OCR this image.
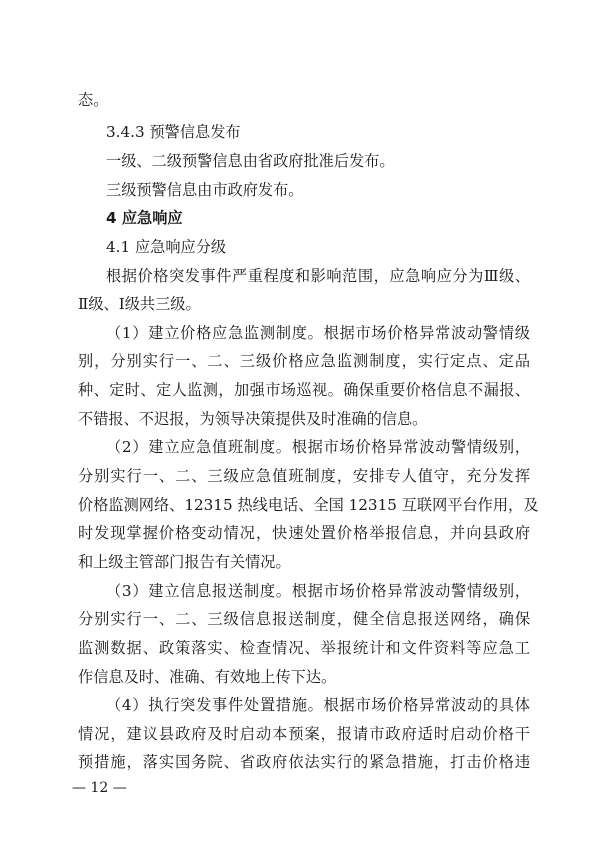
态。
3.4.3 预警信息发布
一级、二级预警信息由省政府批准后发布。
三级预警信息由市政府发布。
4 应急响应
4.1 应急响应分级
根据价格突发事件严重程度和影响范围，应急响应分为Ⅲ级、
Ⅱ级、Ⅰ级共三级。
（1）建立价格应急监测制度。根据市场价格异常波动警情级
别，分别实行一、二、三级价格应急监测制度，实行定点、定品
种、定时、定人监测，加强市场巡视。确保重要价格信息不漏报、
不错报、不迟报，为领导决策提供及时准确的信息。
（2）建立应急值班制度。根据市场价格异常波动警情级别，
分别实行一、二、三级应急值班制度，安排专人值守，充分发挥
价格监测网络、12315 热线电话、全国 12315 互联网平台作用，及
时发现掌握价格变动情况，快速处置价格举报信息，并向县政府
和上级主管部门报告有关情况。
（3）建立信息报送制度。根据市场价格异常波动警情级别，
分别实行一、二、三级信息报送制度，健全信息报送网络，确保
监测数据、政策落实、检查情况、举报统计和文件资料等应急工
作信息及时、准确、有效地上传下达。
（4）执行突发事件处置措施。根据市场价格异常波动的具体
情况，建议县政府及时启动本预案，报请市政府适时启动价格干
预措施，落实国务院、省政府依法实行的紧急措施，打击价格违
— 12 —
